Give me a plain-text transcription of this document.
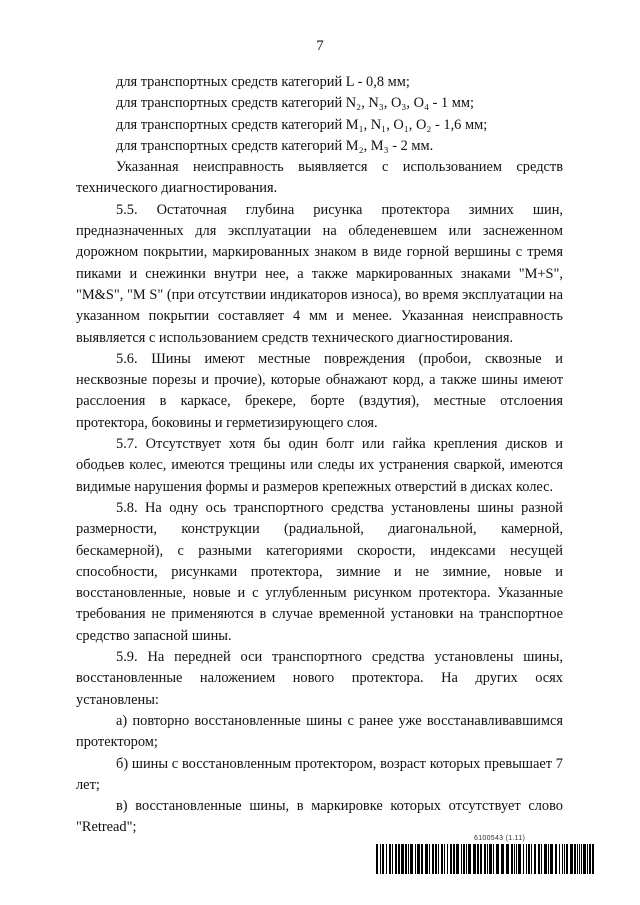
7

для транспортных средств категорий L - 0,8 мм;

для транспортных средств категорий N₂, N₃, O₃, O₄ - 1 мм;

для транспортных средств категорий M₁, N₁, O₁, O₂ - 1,6 мм;

для транспортных средств категорий M₂, M₃ - 2 мм.

Указанная неисправность выявляется с использованием средств технического диагностирования.

5.5. Остаточная глубина рисунка протектора зимних шин, предназначенных для эксплуатации на обледеневшем или заснеженном дорожном покрытии, маркированных знаком в виде горной вершины с тремя пиками и снежинки внутри нее, а также маркированных знаками "M+S", "M&S", "M S" (при отсутствии индикаторов износа), во время эксплуатации на указанном покрытии составляет 4 мм и менее. Указанная неисправность выявляется с использованием средств технического диагностирования.

5.6. Шины имеют местные повреждения (пробои, сквозные и несквозные порезы и прочие), которые обнажают корд, а также шины имеют расслоения в каркасе, брекере, борте (вздутия), местные отслоения протектора, боковины и герметизирующего слоя.

5.7. Отсутствует хотя бы один болт или гайка крепления дисков и ободьев колес, имеются трещины или следы их устранения сваркой, имеются видимые нарушения формы и размеров крепежных отверстий в дисках колес.

5.8. На одну ось транспортного средства установлены шины разной размерности, конструкции (радиальной, диагональной, камерной, бескамерной), с разными категориями скорости, индексами несущей способности, рисунками протектора, зимние и не зимние, новые и восстановленные, новые и с углубленным рисунком протектора. Указанные требования не применяются в случае временной установки на транспортное средство запасной шины.

5.9. На передней оси транспортного средства установлены шины, восстановленные наложением нового протектора. На других осях установлены:

а) повторно восстановленные шины с ранее уже восстанавливавшимся протектором;

б) шины с восстановленным протектором, возраст которых превышает 7 лет;

в) восстановленные шины, в маркировке которых отсутствует слово "Retread";

6100543 (1.11)
